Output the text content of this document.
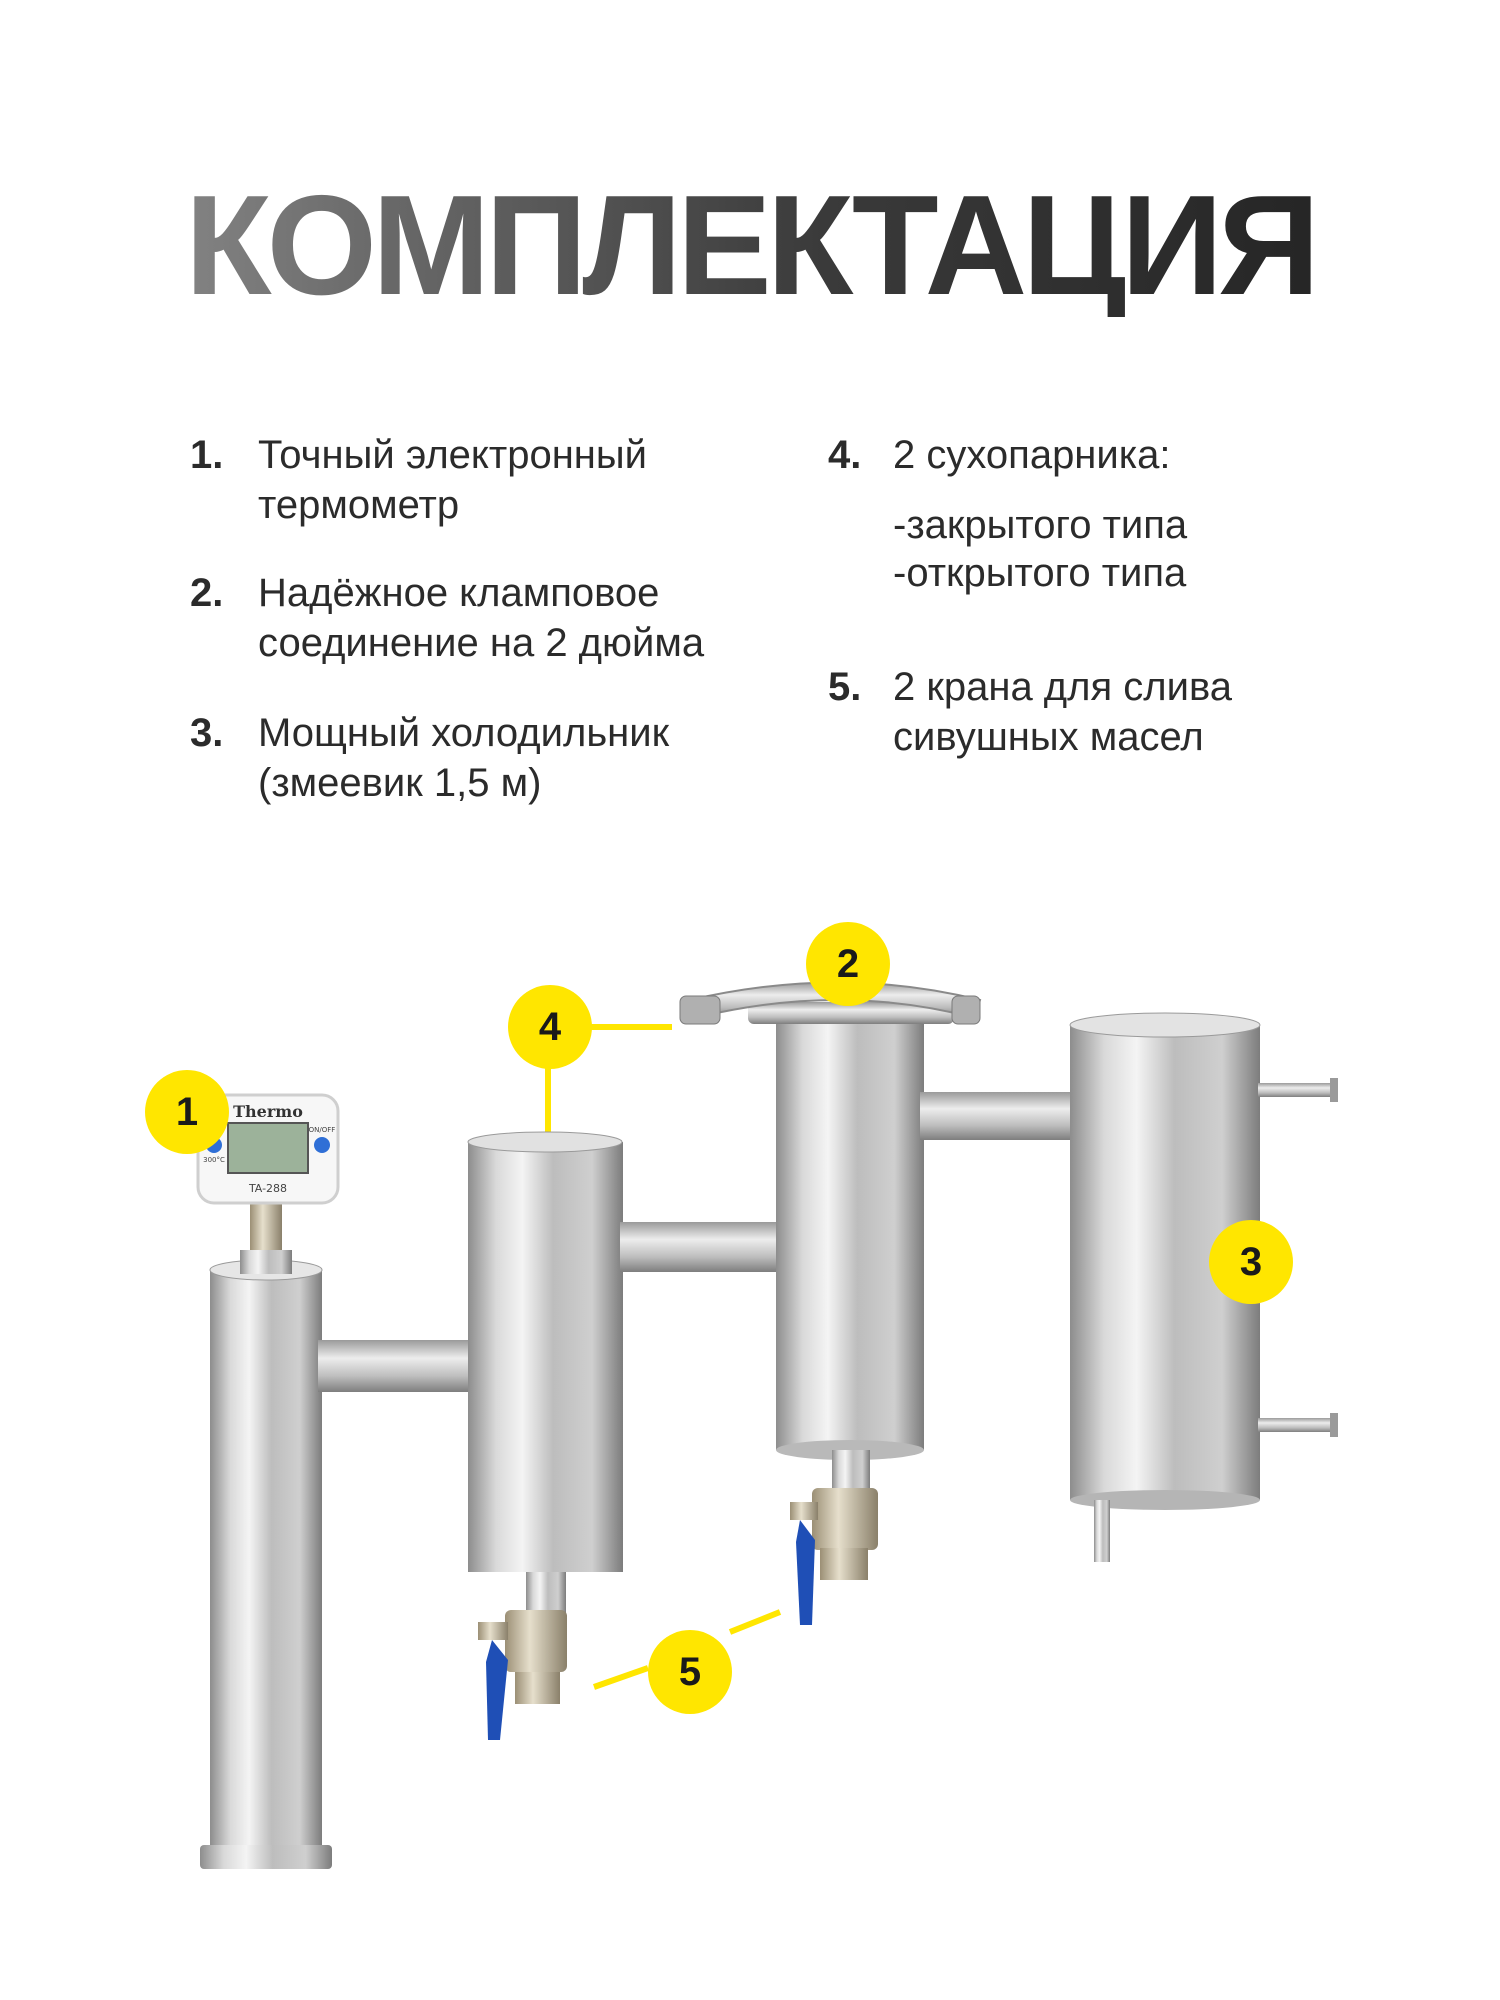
КОМПЛЕКТАЦИЯ
1. Точный электронный
термометр
2. Надёжное кламповое
соединение на 2 дюйма
3. Мощный холодильник
(змеевик 1,5 м)
4. 2 сухопарника:
-закрытого типа
-открытого типа
5. 2 крана для слива
сивушных масел
Thermo
TA-288
300°C
ON/OFF
1
2
3
4
5
